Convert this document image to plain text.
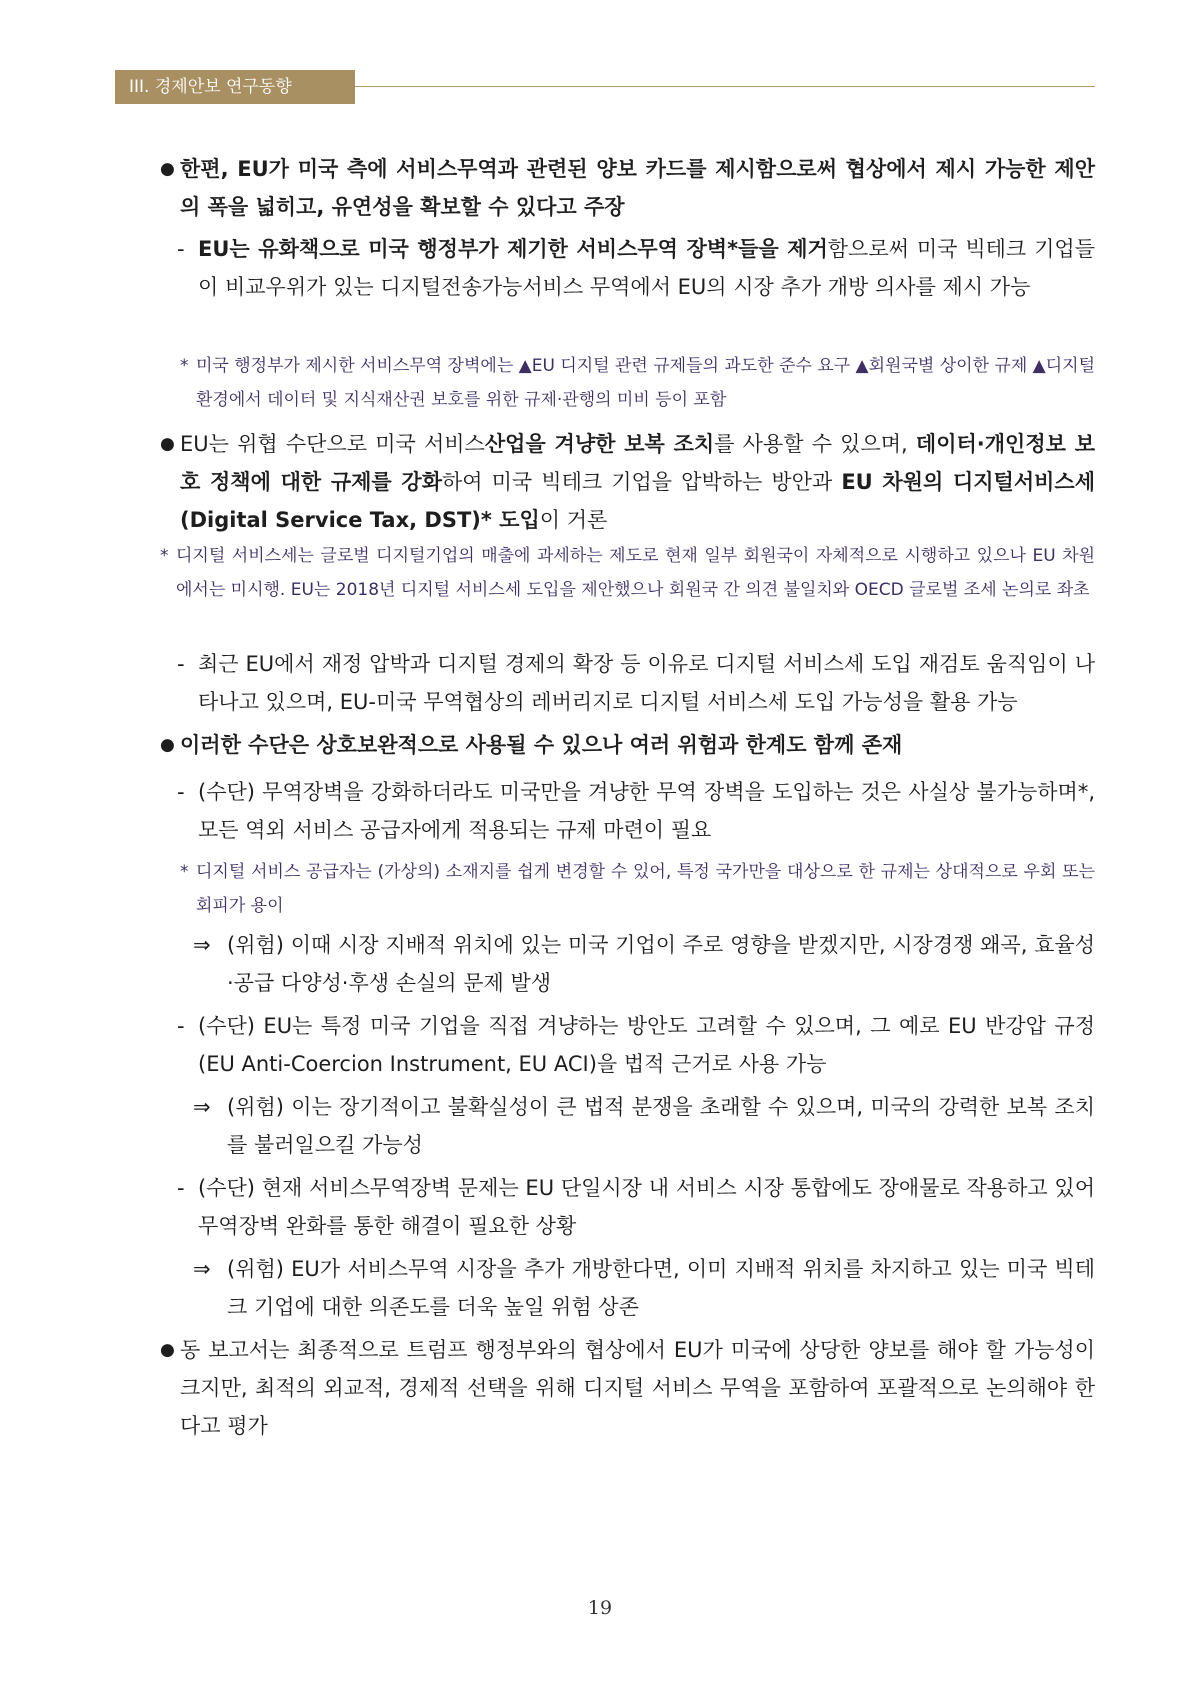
III. 경제안보 연구동향

● 한편, EU가 미국 측에 서비스무역과 관련된 양보 카드를 제시함으로써 협상에서 제시 가능한 제안의 폭을 넓히고, 유연성을 확보할 수 있다고 주장

- EU는 유화책으로 미국 행정부가 제기한 서비스무역 장벽*들을 제거함으로써 미국 빅테크 기업들이 비교우위가 있는 디지털전송가능서비스 무역에서 EU의 시장 추가 개방 의사를 제시 가능

* 미국 행정부가 제시한 서비스무역 장벽에는 ▲EU 디지털 관련 규제들의 과도한 준수 요구 ▲회원국별 상이한 규제 ▲디지털 환경에서 데이터 및 지식재산권 보호를 위한 규제·관행의 미비 등이 포함

● EU는 위협 수단으로 미국 서비스산업을 겨냥한 보복 조치를 사용할 수 있으며, 데이터·개인정보 보호 정책에 대한 규제를 강화하여 미국 빅테크 기업을 압박하는 방안과 EU 차원의 디지털서비스세(Digital Service Tax, DST)* 도입이 거론

* 디지털 서비스세는 글로벌 디지털기업의 매출에 과세하는 제도로 현재 일부 회원국이 자체적으로 시행하고 있으나 EU 차원에서는 미시행. EU는 2018년 디지털 서비스세 도입을 제안했으나 회원국 간 의견 불일치와 OECD 글로벌 조세 논의로 좌초

- 최근 EU에서 재정 압박과 디지털 경제의 확장 등 이유로 디지털 서비스세 도입 재검토 움직임이 나타나고 있으며, EU-미국 무역협상의 레버리지로 디지털 서비스세 도입 가능성을 활용 가능

● 이러한 수단은 상호보완적으로 사용될 수 있으나 여러 위험과 한계도 함께 존재

- (수단) 무역장벽을 강화하더라도 미국만을 겨냥한 무역 장벽을 도입하는 것은 사실상 불가능하며*, 모든 역외 서비스 공급자에게 적용되는 규제 마련이 필요

* 디지털 서비스 공급자는 (가상의) 소재지를 쉽게 변경할 수 있어, 특정 국가만을 대상으로 한 규제는 상대적으로 우회 또는 회피가 용이

⇒ (위험) 이때 시장 지배적 위치에 있는 미국 기업이 주로 영향을 받겠지만, 시장경쟁 왜곡, 효율성·공급 다양성·후생 손실의 문제 발생

- (수단) EU는 특정 미국 기업을 직접 겨냥하는 방안도 고려할 수 있으며, 그 예로 EU 반강압 규정(EU Anti-Coercion Instrument, EU ACI)을 법적 근거로 사용 가능

⇒ (위험) 이는 장기적이고 불확실성이 큰 법적 분쟁을 초래할 수 있으며, 미국의 강력한 보복 조치를 불러일으킬 가능성

- (수단) 현재 서비스무역장벽 문제는 EU 단일시장 내 서비스 시장 통합에도 장애물로 작용하고 있어 무역장벽 완화를 통한 해결이 필요한 상황

⇒ (위험) EU가 서비스무역 시장을 추가 개방한다면, 이미 지배적 위치를 차지하고 있는 미국 빅테크 기업에 대한 의존도를 더욱 높일 위험 상존

● 동 보고서는 최종적으로 트럼프 행정부와의 협상에서 EU가 미국에 상당한 양보를 해야 할 가능성이 크지만, 최적의 외교적, 경제적 선택을 위해 디지털 서비스 무역을 포함하여 포괄적으로 논의해야 한다고 평가

19
